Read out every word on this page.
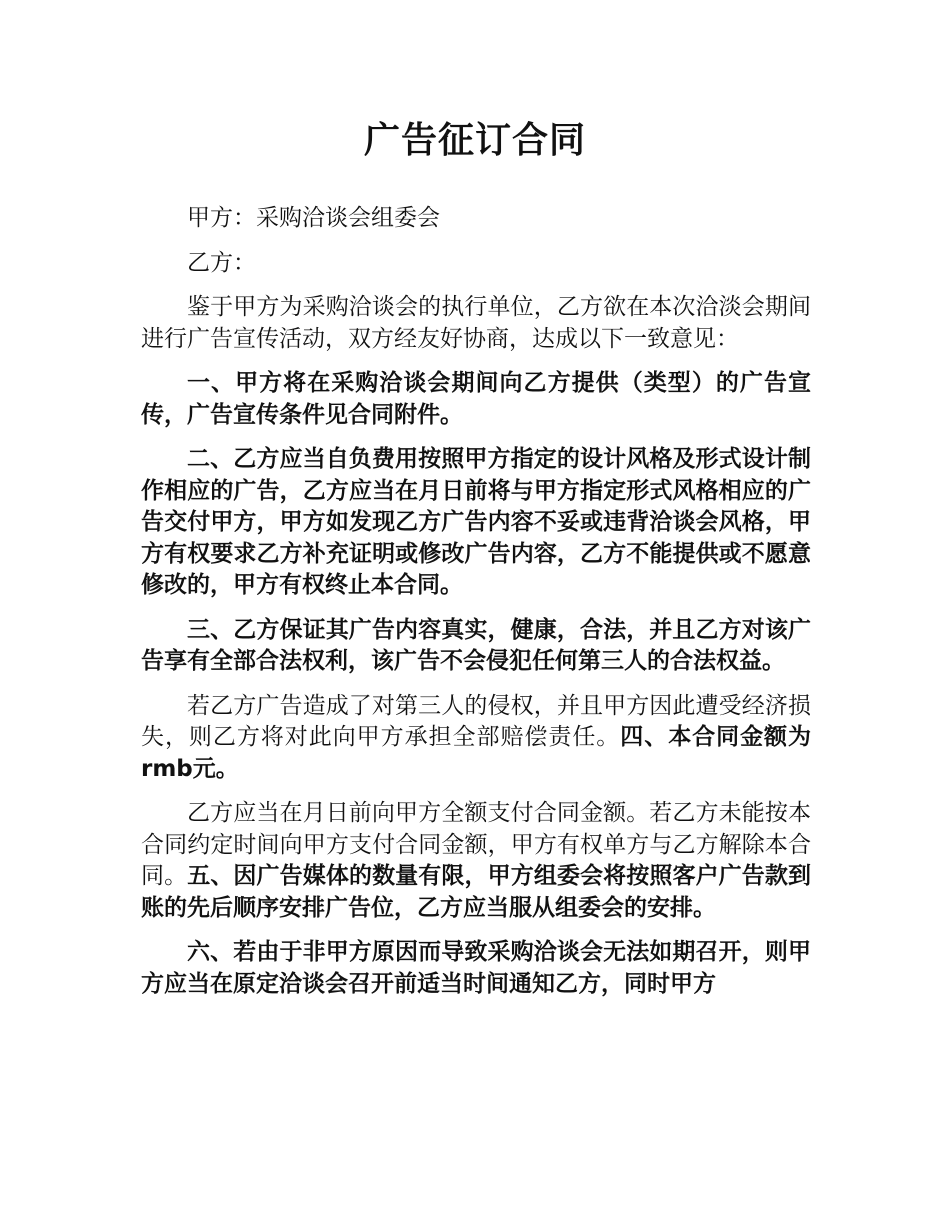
广告征订合同

甲方：采购洽谈会组委会

乙方：

鉴于甲方为采购洽谈会的执行单位，乙方欲在本次洽淡会期间进行广告宣传活动，双方经友好协商，达成以下一致意见：

一、甲方将在采购洽谈会期间向乙方提供（类型）的广告宣传，广告宣传条件见合同附件。

二、乙方应当自负费用按照甲方指定的设计风格及形式设计制作相应的广告，乙方应当在月日前将与甲方指定形式风格相应的广告交付甲方，甲方如发现乙方广告内容不妥或违背洽谈会风格，甲方有权要求乙方补充证明或修改广告内容，乙方不能提供或不愿意修改的，甲方有权终止本合同。

三、乙方保证其广告内容真实，健康，合法，并且乙方对该广告享有全部合法权利，该广告不会侵犯任何第三人的合法权益。

若乙方广告造成了对第三人的侵权，并且甲方因此遭受经济损失，则乙方将对此向甲方承担全部赔偿责任。四、本合同金额为rmb元。

乙方应当在月日前向甲方全额支付合同金额。若乙方未能按本合同约定时间向甲方支付合同金额，甲方有权单方与乙方解除本合同。五、因广告媒体的数量有限，甲方组委会将按照客户广告款到账的先后顺序安排广告位，乙方应当服从组委会的安排。

六、若由于非甲方原因而导致采购洽谈会无法如期召开，则甲方应当在原定洽谈会召开前适当时间通知乙方，同时甲方
